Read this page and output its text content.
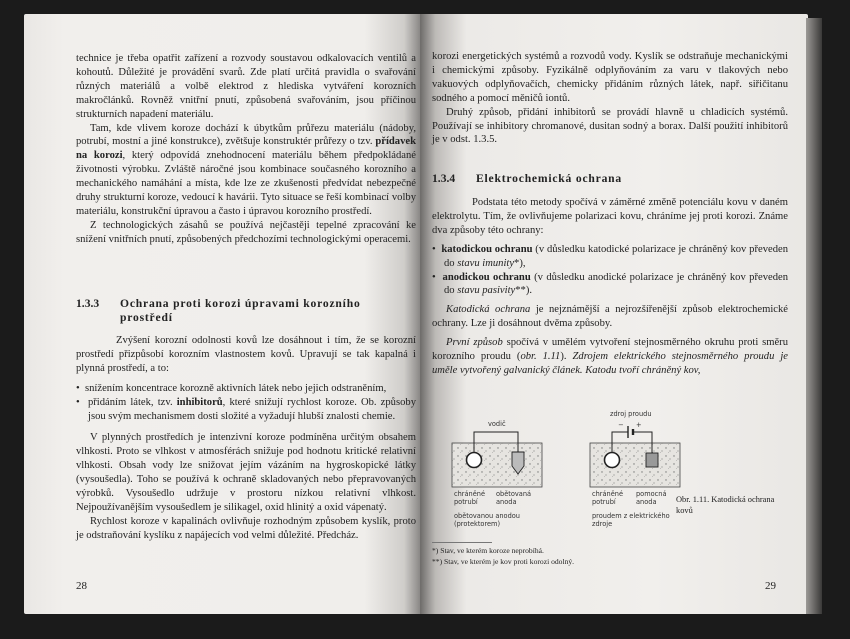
technice je třeba opatřit zařízení a rozvody soustavou odkalovacích ventilů a kohoutů. Důležité je provádění svarů. Zde platí určitá pravidla o svařování různých materiálů a volbě elektrod z hlediska vytváření korozních makročlánků. Rovněž vnitřní pnutí, způsobená svařováním, jsou příčinou strukturních napadení materiálu.

Tam, kde vlivem koroze dochází k úbytkům průřezu materiálu (nádoby, potrubí, mostní a jiné konstrukce), zvětšuje konstruktér průřezy o tzv. přídavek na korozi, který odpovídá znehodnocení materiálu během předpokládané životnosti výrobku. Zvláště náročné jsou kombinace současného korozního a mechanického namáhání a místa, kde lze ze zkušenosti předvídat nebezpečné druhy strukturní koroze, vedoucí k havárii. Tyto situace se řeší kombinací volby materiálu, konstrukční úpravou a často i úpravou korozního prostředí.

Z technologických zásahů se používá nejčastěji tepelné zpracování ke snížení vnitřních pnutí, způsobených předchozími technologickými operacemi.

1.3.3 Ochrana proti korozi úpravami korozního
prostředí

Zvýšení korozní odolnosti kovů lze dosáhnout i tím, že se korozní prostředí přizpůsobí korozním vlastnostem kovů. Upravují se tak kapalná i plynná prostředí, a to:

•  snížením koncentrace korozně aktivních látek nebo jejich odstraněním,

•  přidáním látek, tzv. inhibitorů, které snižují rychlost koroze. Ob. způsoby jsou svým mechanismem dosti složité a vyžadují hlubší znalosti chemie.

V plynných prostředích je intenzivní koroze podmíněna určitým obsahem vlhkosti. Proto se vlhkost v atmosférách snižuje pod hodnotu kritické relativní vlhkosti. Obsah vody lze snižovat jejím vázáním na hygroskopické látky (vysoušedla). Toho se používá k ochraně skladovaných nebo přepravovaných výrobků. Vysoušedlo udržuje v prostoru nízkou relativní vlhkost. Nejpoužívanějším vysoušedlem je silikagel, oxid hlinitý a oxid vápenatý.

Rychlost koroze v kapalinách ovlivňuje rozhodným způsobem kyslík, proto je odstraňování kyslíku z napájecích vod velmi důležité. Předcház.

28

korozi energetických systémů a rozvodů vody. Kyslík se odstraňuje mechanickými i chemickými způsoby. Fyzikálně odplyňováním za varu v tlakových nebo vakuových odplyňovačích, chemicky přidáním různých látek, např. siřičitanu sodného a pomocí měničů iontů.

Druhý způsob, přidání inhibitorů se provádí hlavně u chladicích systémů. Používají se inhibitory chromanové, dusitan sodný a borax. Další použití inhibitorů je v odst. 1.3.5.

1.3.4 Elektrochemická ochrana

Podstata této metody spočívá v záměrné změně potenciálu kovu v daném elektrolytu. Tím, že ovlivňujeme polarizaci kovu, chráníme jej proti korozi. Známe dva způsoby této ochrany:

•  katodickou ochranu (v důsledku katodické polarizace je chráněný kov převeden do stavu imunity*),

•  anodickou ochranu (v důsledku anodické polarizace je chráněný kov převeden do stavu pasivity**).

Katodická ochrana je nejznámější a nejrozšířenější způsob elektrochemické ochrany. Lze ji dosáhnout dvěma způsoby.

První způsob spočívá v umělém vytvoření stejnosměrného okruhu proti směru korozního proudu (obr. 1.11). Zdrojem elektrického stejnosměrného proudu je uměle vytvořený galvanický článek. Katodu tvoří chráněný kov,

vodič
zdroj proudu
− +
chráněné potrubí
obětovaná anoda
chráněné potrubí
pomocná anoda
obětovanou anodou (protektorem)
proudem z elektrického zdroje
Obr. 1.11. Katodická ochrana kovů
*) Stav, ve kterém koroze neprobíhá.
**) Stav, ve kterém je kov proti korozi odolný.
29
